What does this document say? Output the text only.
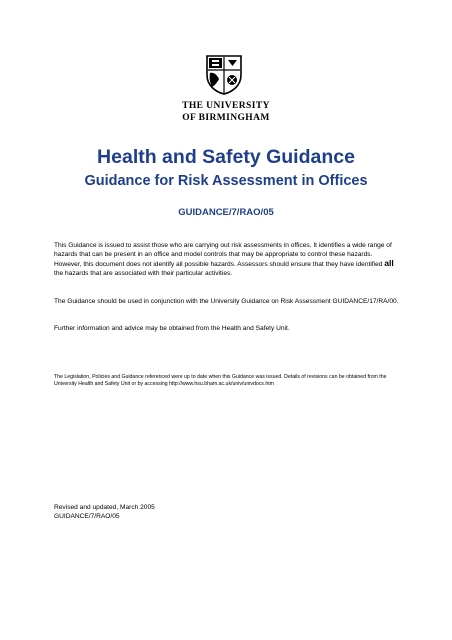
THE UNIVERSITY
OF BIRMINGHAM
Health and Safety Guidance
Guidance for Risk Assessment in Offices
GUIDANCE/7/RAO/05
This Guidance is issued to assist those who are carrying out risk assessments in offices. It identifies a wide range of hazards that can be present in an office and model controls that may be appropriate to control these hazards. However, this document does not identify all possible hazards. Assessors should ensure that they have identified all the hazards that are associated with their particular activities.
The Guidance should be used in conjunction with the University Guidance on Risk Assessment GUIDANCE/17/RA/00.
Further information and advice may be obtained from the Health and Safety Unit.
The Legislation, Policies and Guidance referenced were up to date when this Guidance was issued. Details of revisions can be obtained from the University Health and Safety Unit or by accessing http://www.hsu.bham.ac.uk/univ/univdocs.htm
Revised and updated, March 2005
GUIDANCE/7/RAO/05
